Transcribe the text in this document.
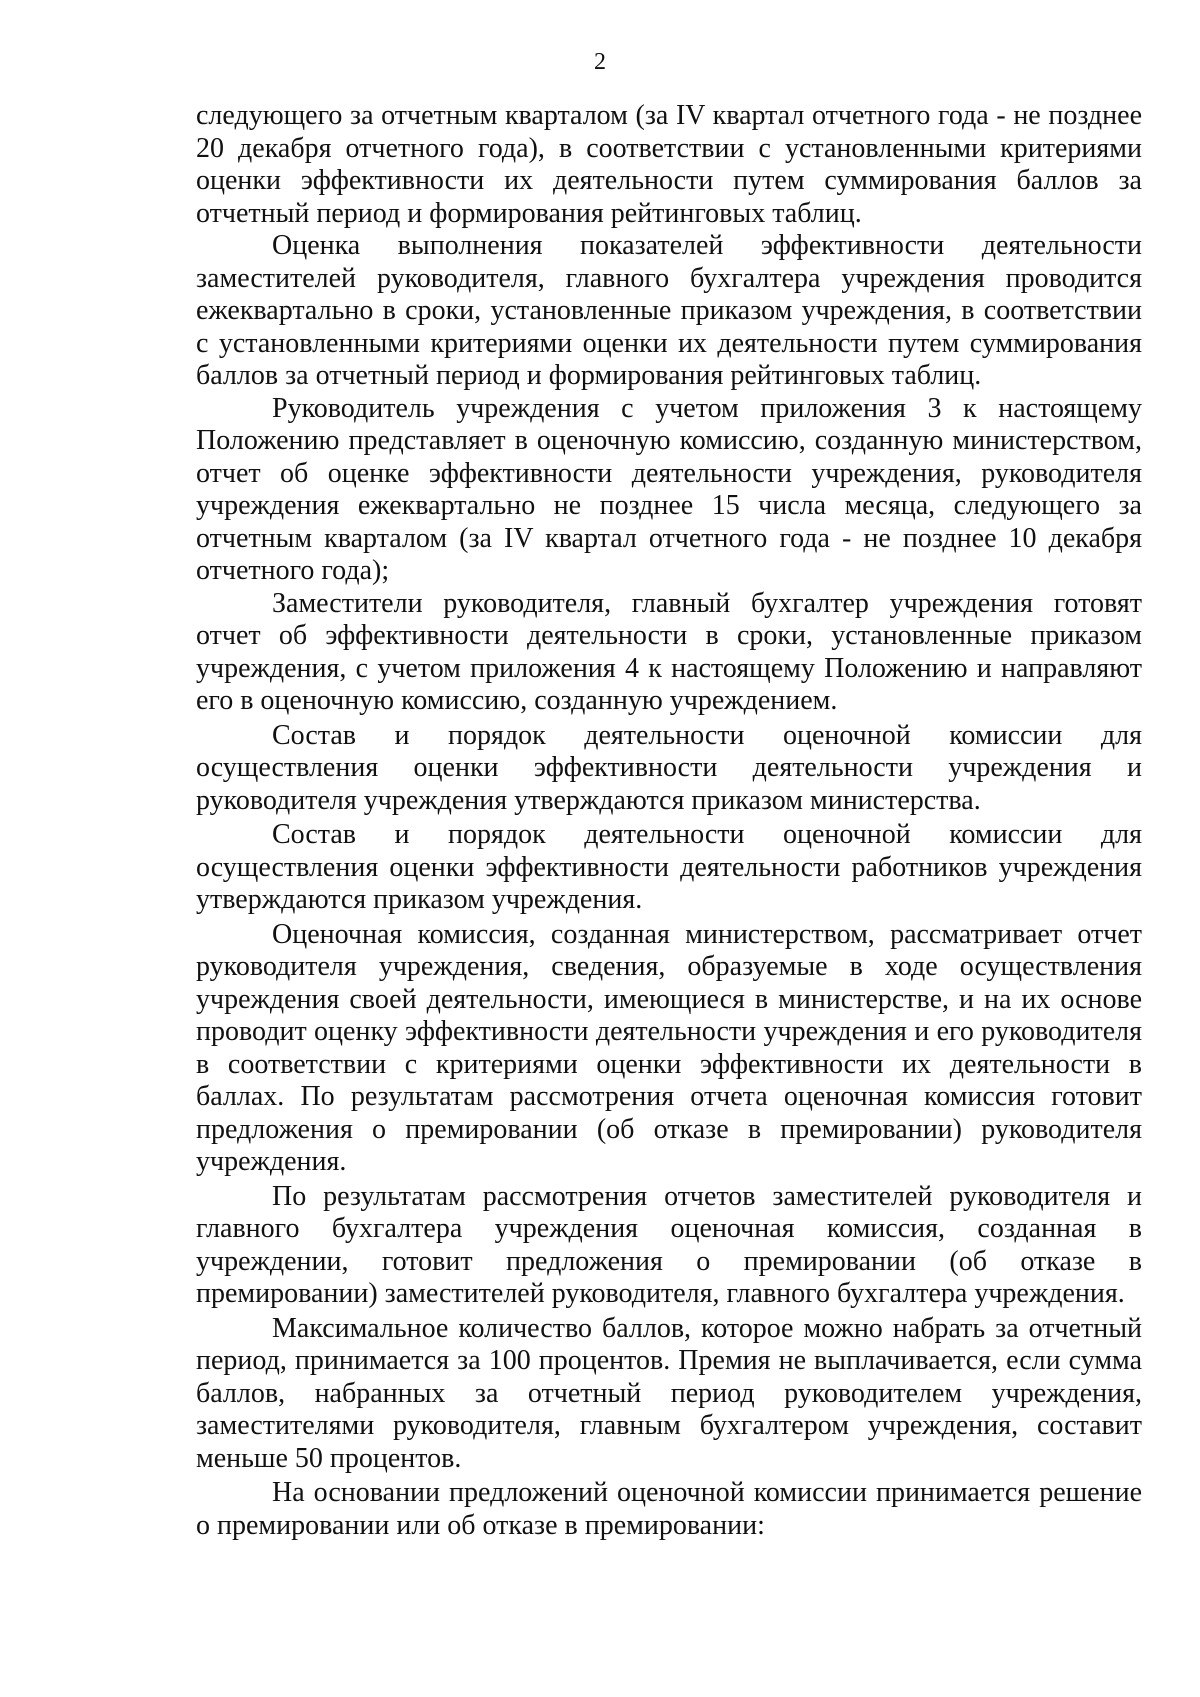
2

следующего за отчетным кварталом (за IV квартал отчетного года - не позднее 20 декабря отчетного года), в соответствии с установленными критериями оценки эффективности их деятельности путем суммирования баллов за отчетный период и формирования рейтинговых таблиц.

Оценка выполнения показателей эффективности деятельности заместителей руководителя, главного бухгалтера учреждения проводится ежеквартально в сроки, установленные приказом учреждения, в соответствии с установленными критериями оценки их деятельности путем суммирования баллов за отчетный период и формирования рейтинговых таблиц.

Руководитель учреждения с учетом приложения 3 к настоящему Положению представляет в оценочную комиссию, созданную министерством, отчет об оценке эффективности деятельности учреждения, руководителя учреждения ежеквартально не позднее 15 числа месяца, следующего за отчетным кварталом (за IV квартал отчетного года - не позднее 10 декабря отчетного года);

Заместители руководителя, главный бухгалтер учреждения готовят отчет об эффективности деятельности в сроки, установленные приказом учреждения, с учетом приложения 4 к настоящему Положению и направляют его в оценочную комиссию, созданную учреждением.

Состав и порядок деятельности оценочной комиссии для осуществления оценки эффективности деятельности учреждения и руководителя учреждения утверждаются приказом министерства.

Состав и порядок деятельности оценочной комиссии для осуществления оценки эффективности деятельности работников учреждения утверждаются приказом учреждения.

Оценочная комиссия, созданная министерством, рассматривает отчет руководителя учреждения, сведения, образуемые в ходе осуществления учреждения своей деятельности, имеющиеся в министерстве, и на их основе проводит оценку эффективности деятельности учреждения и его руководителя в соответствии с критериями оценки эффективности их деятельности в баллах. По результатам рассмотрения отчета оценочная комиссия готовит предложения о премировании (об отказе в премировании) руководителя учреждения.

По результатам рассмотрения отчетов заместителей руководителя и главного бухгалтера учреждения оценочная комиссия, созданная в учреждении, готовит предложения о премировании (об отказе в премировании) заместителей руководителя, главного бухгалтера учреждения.

Максимальное количество баллов, которое можно набрать за отчетный период, принимается за 100 процентов. Премия не выплачивается, если сумма баллов, набранных за отчетный период руководителем учреждения, заместителями руководителя, главным бухгалтером учреждения, составит меньше 50 процентов.

На основании предложений оценочной комиссии принимается решение о премировании или об отказе в премировании:
